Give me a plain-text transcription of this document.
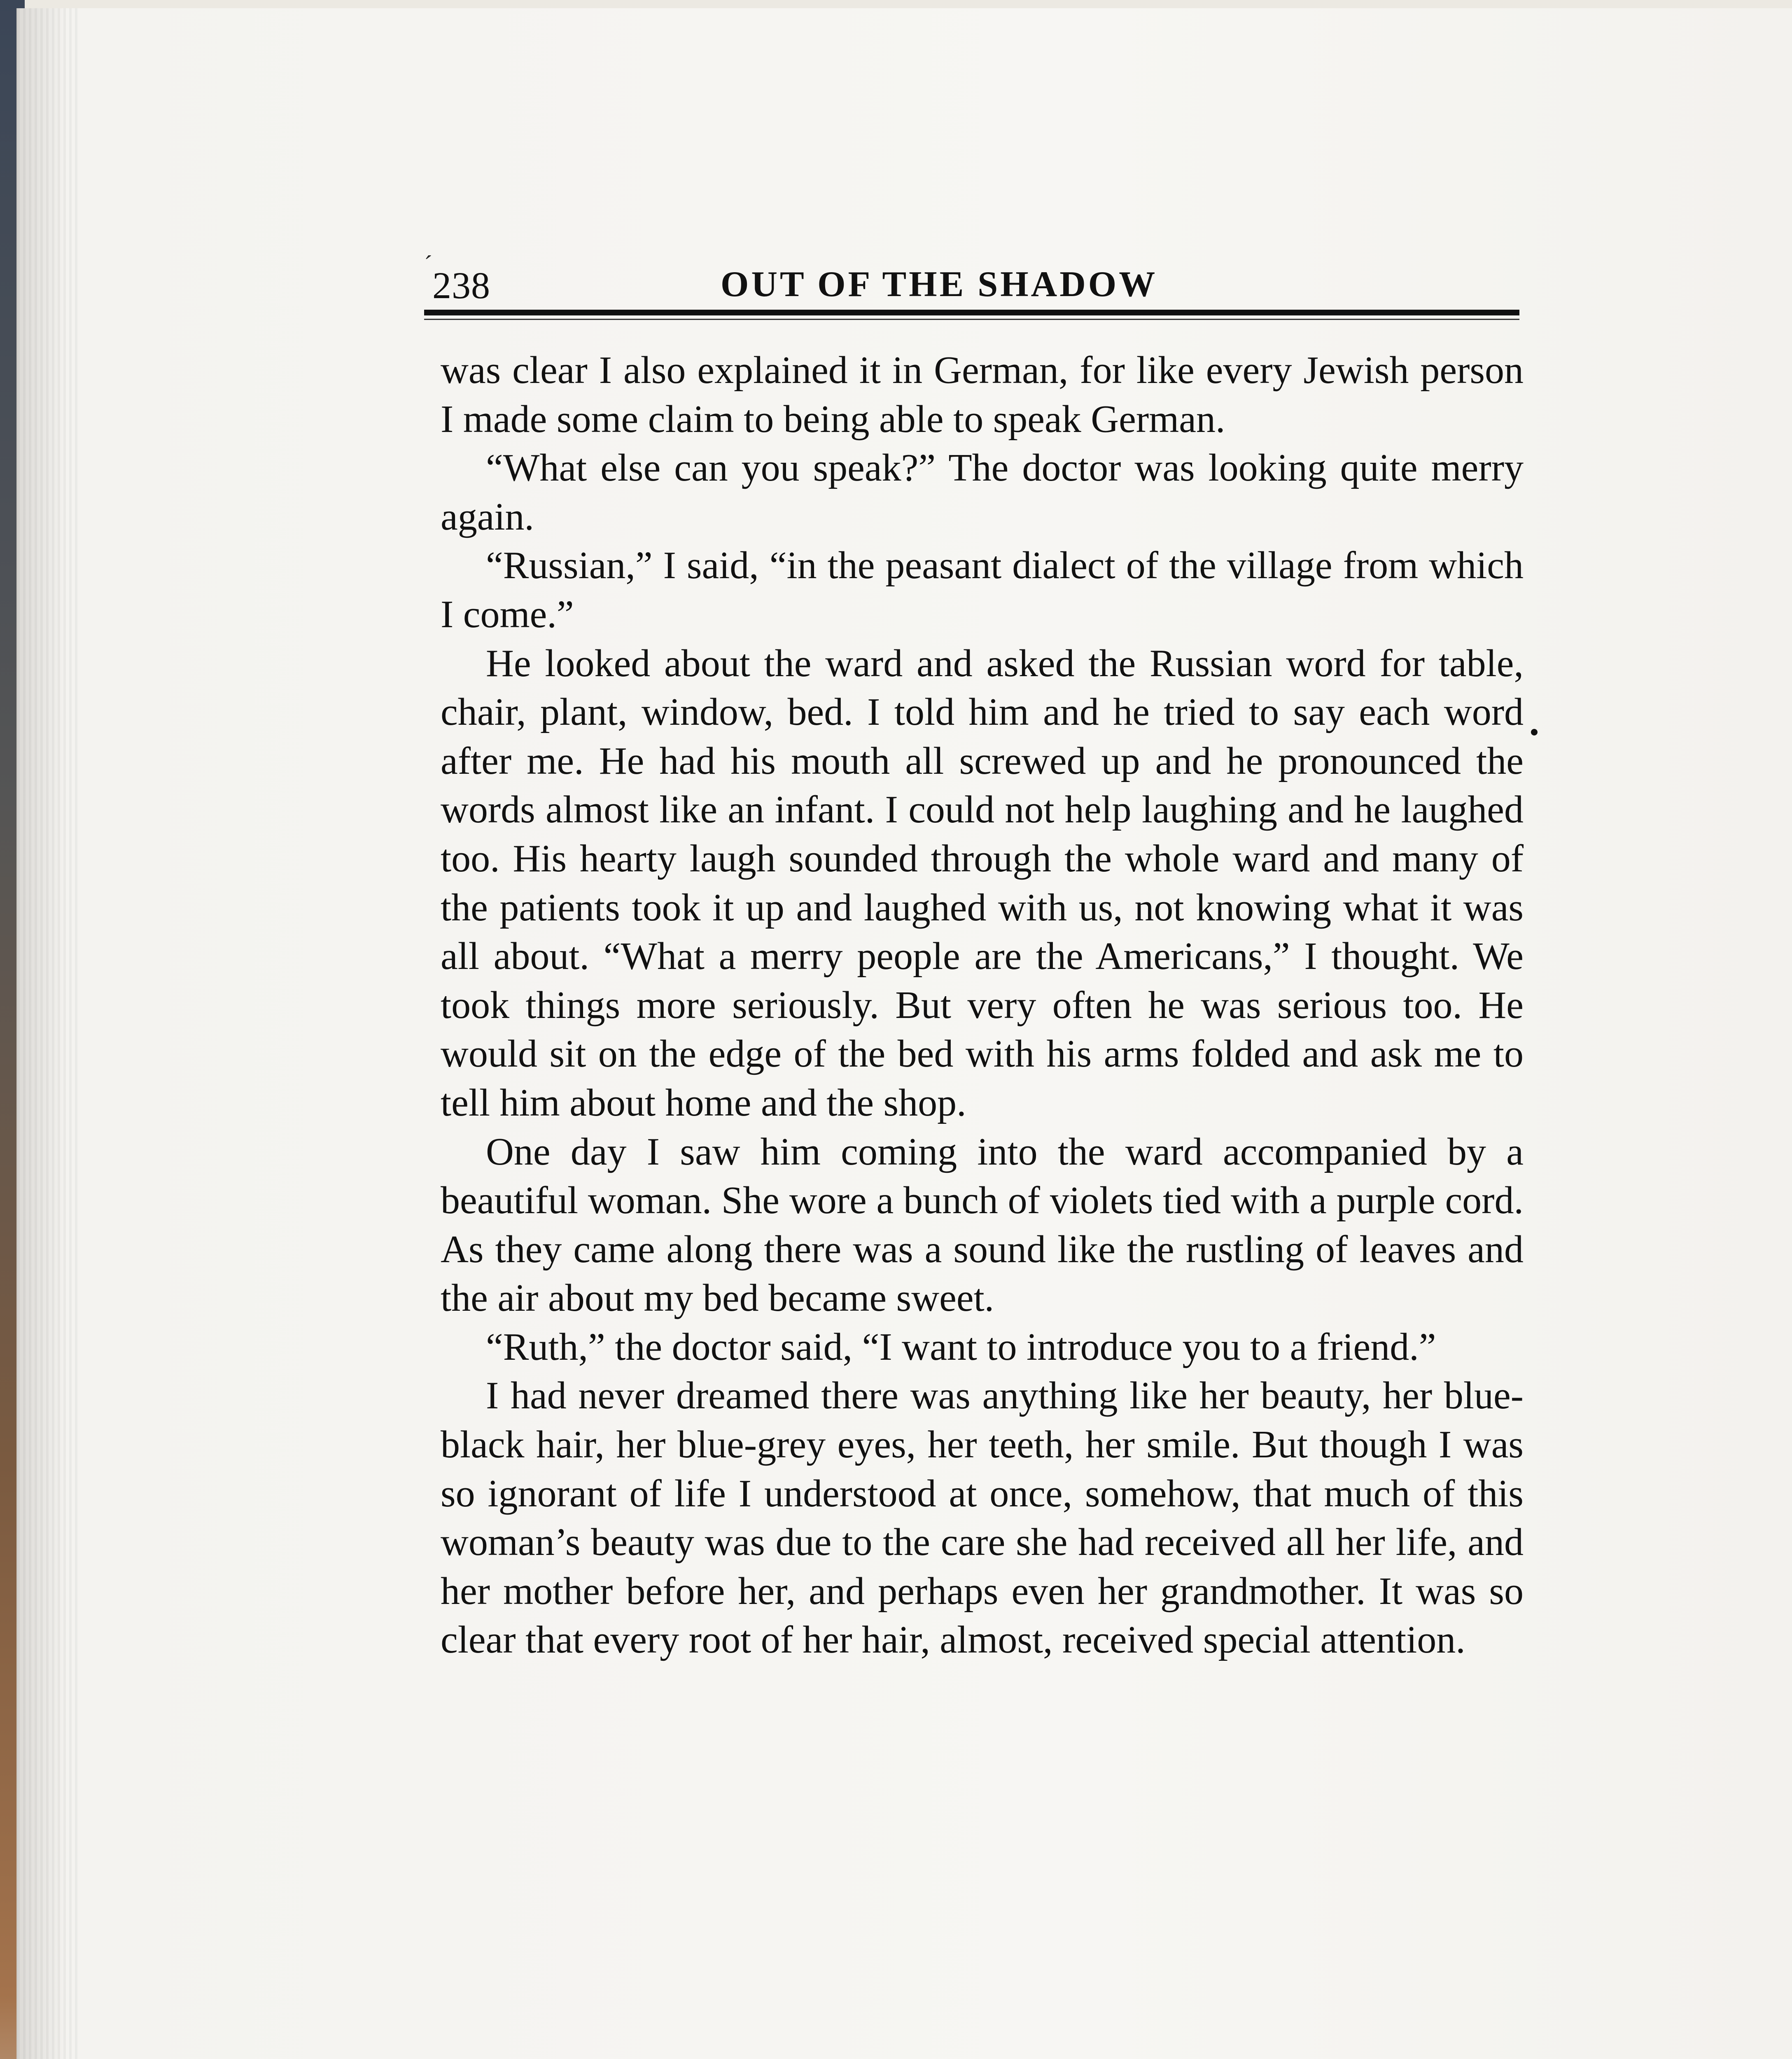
´ 238	OUT OF THE SHADOW

was clear I also explained it in German, for like every Jewish person I made some claim to being able to speak German.

“What else can you speak?” The doctor was looking quite merry again.

“Russian,” I said, “in the peasant dialect of the village from which I come.”

He looked about the ward and asked the Russian word for table, chair, plant, window, bed. I told him and he tried to say each word after me. He had his mouth all screwed up and he pronounced the words almost like an infant. I could not help laughing and he laughed too. His hearty laugh sounded through the whole ward and many of the patients took it up and laughed with us, not knowing what it was all about. “What a merry people are the Americans,” I thought. We took things more seriously. But very often he was serious too. He would sit on the edge of the bed with his arms folded and ask me to tell him about home and the shop.

One day I saw him coming into the ward accompanied by a beautiful woman. She wore a bunch of violets tied with a purple cord. As they came along there was a sound like the rustling of leaves and the air about my bed became sweet.

“Ruth,” the doctor said, “I want to introduce you to a friend.”

I had never dreamed there was anything like her beauty, her blue-black hair, her blue-grey eyes, her teeth, her smile. But though I was so ignorant of life I understood at once, somehow, that much of this woman’s beauty was due to the care she had received all her life, and her mother before her, and perhaps even her grandmother. It was so clear that every root of her hair, almost, received special attention.
